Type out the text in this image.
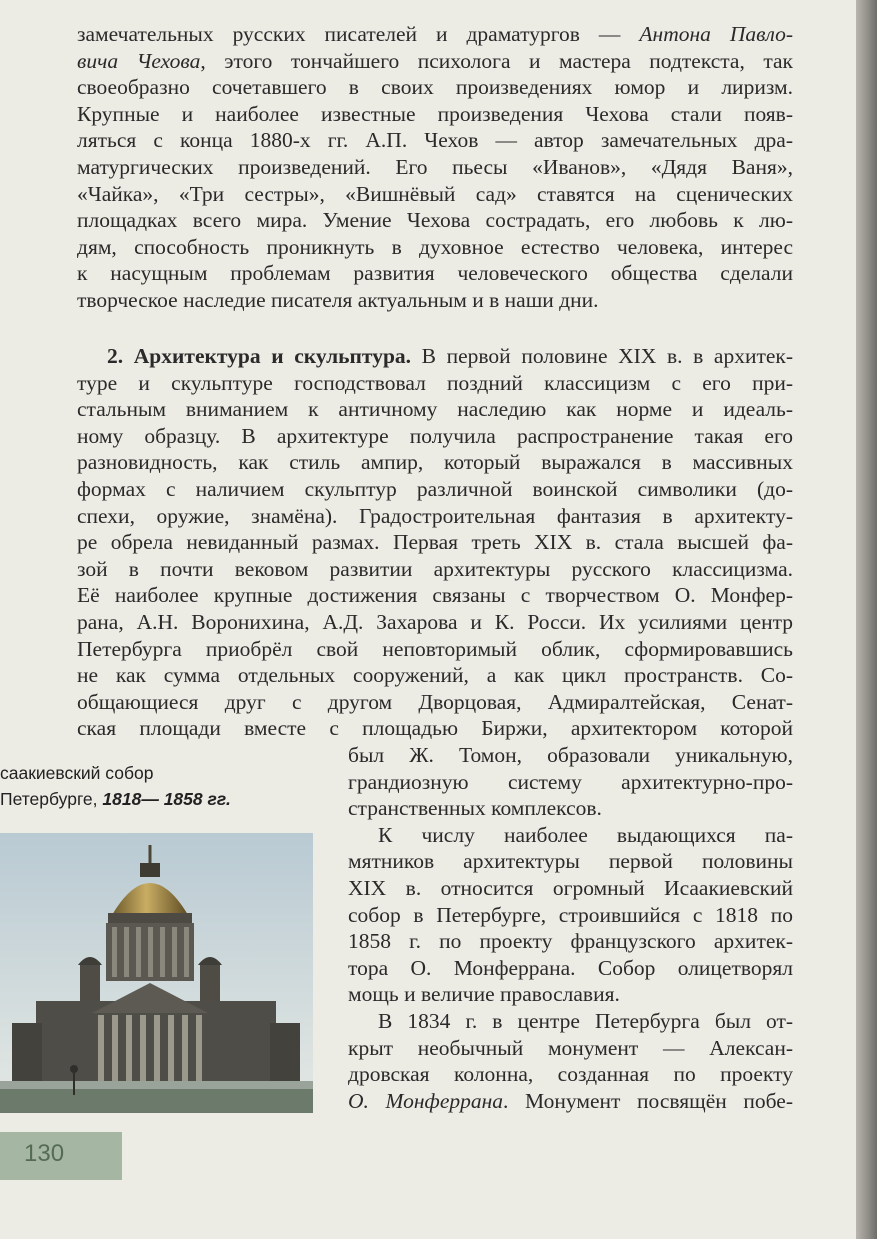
замечательных русских писателей и драматургов — Антона Павло-
вича Чехова, этого тончайшего психолога и мастера подтекста, так
своеобразно сочетавшего в своих произведениях юмор и лиризм.
Крупные и наиболее известные произведения Чехова стали появ-
ляться с конца 1880-х гг. А.П. Чехов — автор замечательных дра-
матургических произведений. Его пьесы «Иванов», «Дядя Ваня»,
«Чайка», «Три сестры», «Вишнёвый сад» ставятся на сценических
площадках всего мира. Умение Чехова сострадать, его любовь к лю-
дям, способность проникнуть в духовное естество человека, интерес
к насущным проблемам развития человеческого общества сделали
творческое наследие писателя актуальным и в наши дни.
2. Архитектура и скульптура. В первой половине XIX в. в архитек-
туре и скульптуре господствовал поздний классицизм с его при-
стальным вниманием к античному наследию как норме и идеаль-
ному образцу. В архитектуре получила распространение такая его
разновидность, как стиль ампир, который выражался в массивных
формах с наличием скульптур различной воинской символики (до-
спехи, оружие, знамёна). Градостроительная фантазия в архитекту-
ре обрела невиданный размах. Первая треть XIX в. стала высшей фа-
зой в почти вековом развитии архитектуры русского классицизма.
Её наиболее крупные достижения связаны с творчеством О. Монфер-
рана, А.Н. Воронихина, А.Д. Захарова и К. Росси. Их усилиями центр
Петербурга приобрёл свой неповторимый облик, сформировавшись
не как сумма отдельных сооружений, а как цикл пространств. Со-
общающиеся друг с другом Дворцовая, Адмиралтейская, Сенат-
ская площади вместе с площадью Биржи, архитектором которой
был Ж. Томон, образовали уникальную,
грандиозную систему архитектурно-про-
странственных комплексов.
К числу наиболее выдающихся па-
мятников архитектуры первой половины
XIX в. относится огромный Исаакиевский
собор в Петербурге, строившийся с 1818 по
1858 г. по проекту французского архитек-
тора О. Монферрана. Собор олицетворял
мощь и величие православия.
В 1834 г. в центре Петербурга был от-
крыт необычный монумент — Алексан-
дровская колонна, созданная по проекту
О. Монферрана. Монумент посвящён побе-
саакиевский собор
Петербурге, 1818— 1858 гг.
130
